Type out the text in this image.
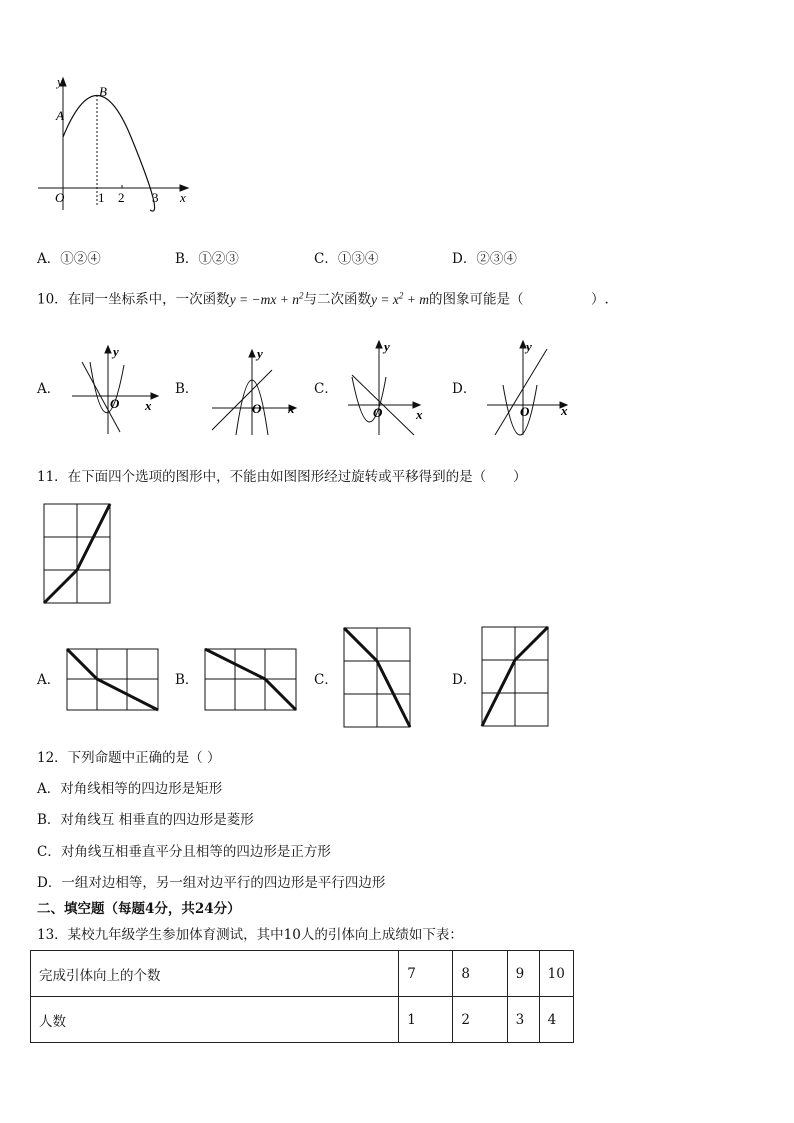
y
x
O
A
B
1 2 3
A．①②④	B．①②③	C．①③④	D．②③④
10．在同一坐标系中，一次函数$y = -mx + n^2$与二次函数$y = x^2 + m$的图象可能是（　　　　　）.
A．	B．	C．	D．
y
x
O
y
x
O
y
x
O
y
x
O
11．在下面四个选项的图形中，不能由如图图形经过旋转或平移得到的是（　　）
A．	B．	C．	D．
12．下列命题中正确的是（ ）
A．对角线相等的四边形是矩形
B．对角线互 相垂直的四边形是菱形
C．对角线互相垂直平分且相等的四边形是正方形
D．一组对边相等，另一组对边平行的四边形是平行四边形
二、填空题（每题4分，共24分）
13．某校九年级学生参加体育测试，其中10人的引体向上成绩如下表：
完成引体向上的个数	7	8	9	10
人数	1	2	3	4
